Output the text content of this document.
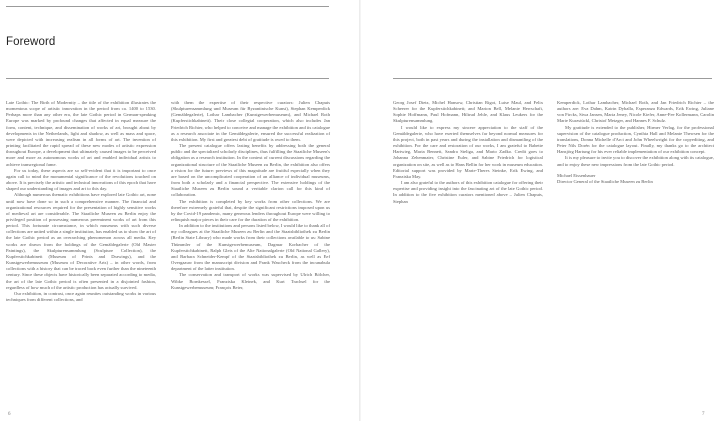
Foreword

Late Gothic: The Birth of Modernity – the title of the exhibition illustrates the momentous scope of artistic innovation in the period from ca. 1400 to 1530. Perhaps more than any other era, the late Gothic period in German-speaking Europe was marked by profound changes that affected in equal measure the form, content, technique, and dissemination of works of art, brought about by developments in the Netherlands, light and shadow, as well as mass and space, were depicted with increasing realism in all forms of art. The invention of printing facilitated the rapid spread of these new modes of artistic expression throughout Europe, a development that ultimately caused images to be perceived more and more as autonomous works of art and enabled individual artists to achieve transregional fame.

For us today, these aspects are so self-evident that it is important to once again call to mind the monumental significance of the revolutions touched on above. It is precisely the artistic and technical innovations of this epoch that have shaped our understanding of images and art to this day.

Although numerous thematic exhibitions have explored late Gothic art, none until now have done so in such a comprehensive manner. The financial and organizational resources required for the presentation of highly sensitive works of medieval art are considerable. The Staatliche Museen zu Berlin enjoy the privileged position of possessing numerous preeminent works of art from this period. This fortunate circumstance, in which museums with such diverse collections are united within a single institution, has enabled us to show the art of the late Gothic period as an overarching phenomenon across all media. Key works are drawn from the holdings of the Gemäldegalerie (Old Master Paintings), the Skulpturensammlung (Sculpture Collection), the Kupferstichkabinett (Museum of Prints and Drawings), and the Kunstgewerbemuseum (Museum of Decorative Arts) – in other words, from collections with a history that can be traced back even further than the nineteenth century. Since these objects have historically been separated according to media, the art of the late Gothic period is often presented in a disjointed fashion, regardless of how much of the artistic production has actually survived.

Our exhibition, in contrast, once again reunites outstanding works in various techniques from different collections, and

with them the expertise of their respective curators: Julien Chapuis (Skulpturensammlung und Museum für Byzantinische Kunst), Stephan Kemperdick (Gemäldegalerie), Lothar Lambacher (Kunstgewerbemuseum), and Michael Roth (Kupferstichkabinett). Their close collegial cooperation, which also includes Jan Friedrich Richter, who helped to conceive and manage the exhibition and its catalogue as a research associate in the Gemäldegalerie, ensured the successful realization of this exhibition. My first and greatest debt of gratitude is owed to them.

The present catalogue offers lasting benefits by addressing both the general public and the specialized scholarly disciplines, thus fulfilling the Staatliche Museen's obligation as a research institution. In the context of current discussions regarding the organizational structure of the Staatliche Museen zu Berlin, the exhibition also offers a vision for the future: previews of this magnitude are fruitful especially when they are based on the uncomplicated cooperation of an alliance of individual museums, from both a scholarly and a financial perspective. The extensive holdings of the Staatliche Museen zu Berlin sound a veritable clarion call for this kind of collaboration.

The exhibition is completed by key works from other collections. We are therefore extremely grateful that, despite the significant restrictions imposed upon us by the Covid-19 pandemic, many generous lenders throughout Europe were willing to relinquish major pieces in their care for the duration of the exhibition.

In addition to the institutions and persons listed below, I would like to thank all of my colleagues at the Staatliche Museen zu Berlin and the Staatsbibliothek zu Berlin (Berlin State Library) who made works from their collections available to us: Sabine Thümmler of the Kunstgewerbemuseum, Dagmar Korbacher of the Kupferstichkabinett, Ralph Gleis of the Alte Nationalgalerie (Old National Gallery), and Barbara Schneider-Kempf of the Staatsbibliothek zu Berlin, as well as Eef Overgaauw from the manuscript division and Frank Wascheck from the incunabula department of the latter institution.

The conservation and transport of works was supervised by Ulrich Bölcher, Wibke Bornkessel, Franziska Kleinek, and Kurt Trachsel for the Kunstgewerbemuseum; François Beier,

6

Georg Josef Dietz, Michel Hansow, Christian Rigot, Luise Maul, and Felix Scheerer for the Kupferstichkabinett; and Marion Bell, Melanie Herrschaft, Sophie Hoffmann, Paul Hofmann, Hiltrud Jehle, and Klaus Leukers for the Skulpturensammlung.

I would like to express my sincere appreciation to the staff of the Gemäldegalerie, who have exerted themselves far beyond normal measures for this project, both in past years and during the installation and dismantling of the exhibition. For the care and restoration of our works, I am grateful to Babette Hartwieg, Maria Bennett, Sandra Steliga, and Mario Zadko. Credit goes to Johanna Zehenmaier, Christine Euler, and Sabine Friedrich for logistical organization on site, as well as to Hans Bellin for her work in museum education. Editorial support was provided by Marie-Theres Steinke, Erik Ewing, and Franziska May.

I am also grateful to the authors of this exhibition catalogue for offering their expertise and providing insight into the fascinating art of the late Gothic period. In addition to the five exhibition curators mentioned above – Julien Chapuis, Stephan

Kemperdick, Lothar Lambacher, Michael Roth, and Jan Friedrich Richter – the authors are: Eva Dahm, Katrin Dyballa, Esperanza Edwards, Erik Ewing, Juliane von Fircks, Siwa Jansen, Maria Jeney, Nicole Kiefer, Anne-Fee Kollermann, Carolin Marie Kurzstückl, Christof Metzger, and Hannes F. Schulz.

My gratitude is extended to the publisher, Hirmer Verlag, for the professional supervision of the catalogue production, Cynthia Hall and Melanie Thewsen for the translations, Donna Michelle d'Arci and John Wheelwright for the copyediting, and Peter Nils Dorén for the catalogue layout. Finally, my thanks go to the architect Hansjörg Hartung for his ever reliable implementation of our exhibition concept.

It is my pleasure to invite you to discover the exhibition along with its catalogue, and to enjoy these new impressions from the late Gothic period.

Michael Eissenhauer

Director General of the Staatliche Museen zu Berlin

7
